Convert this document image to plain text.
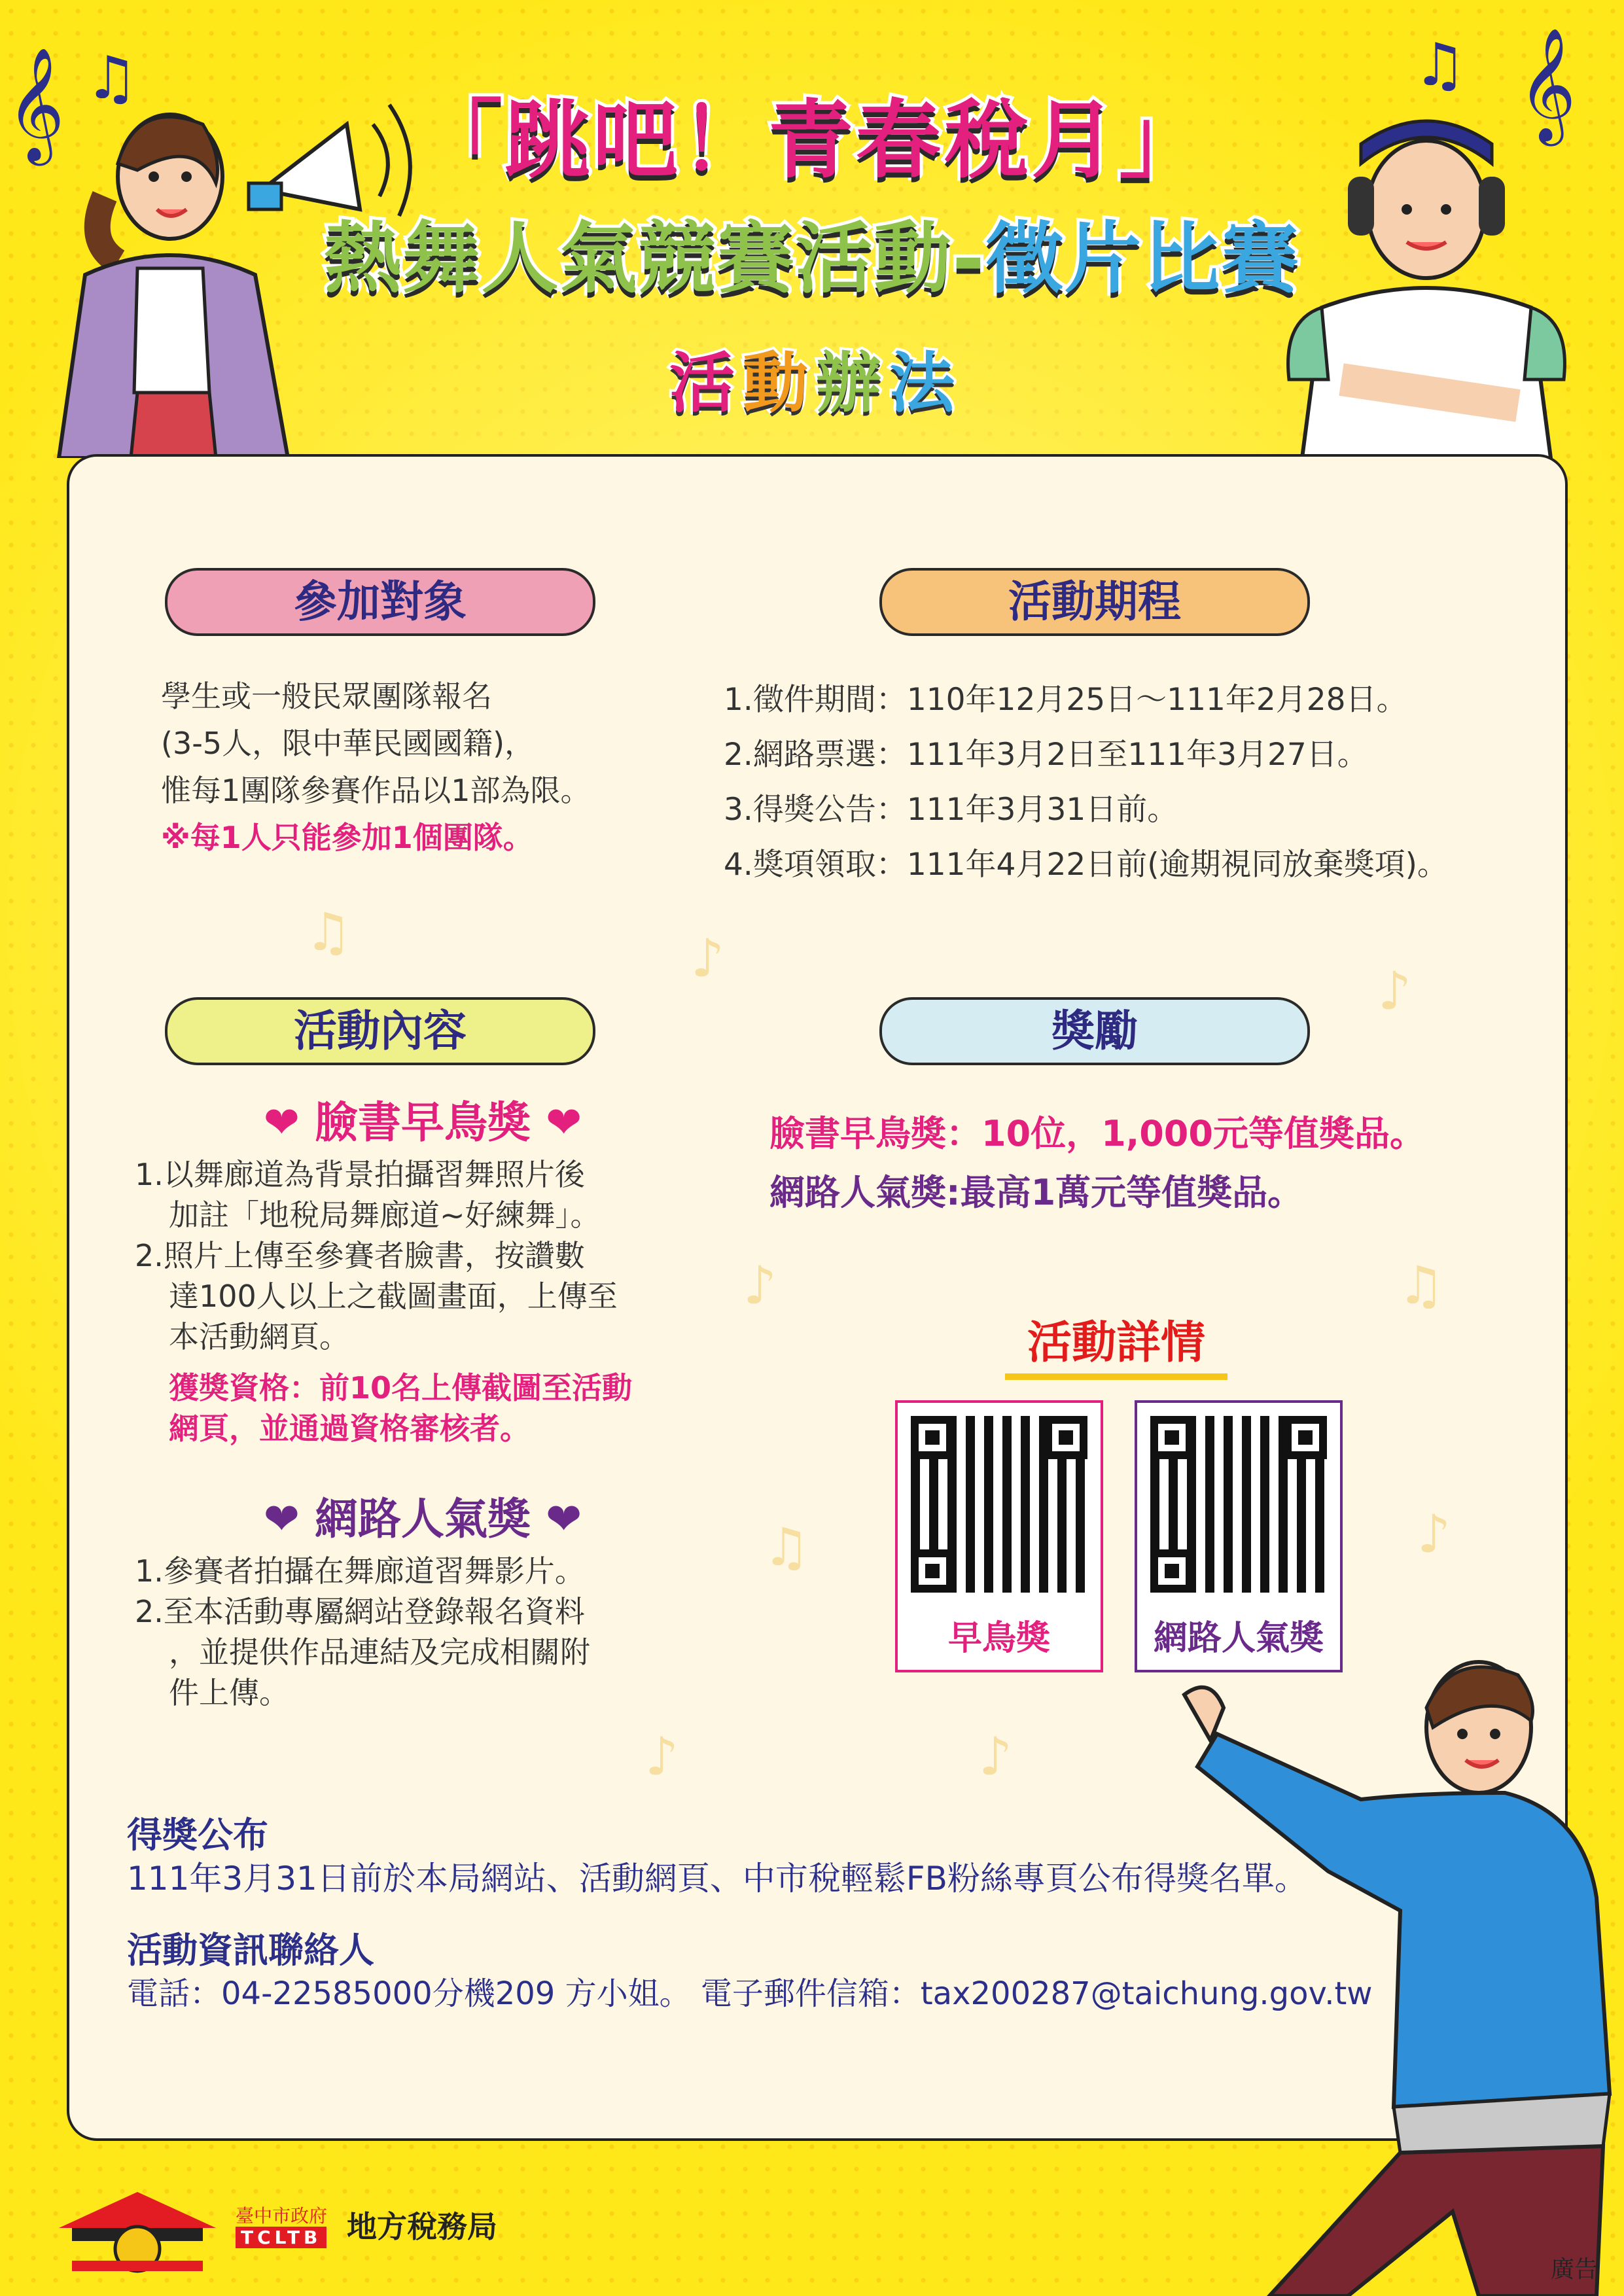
𝄞 ♫	𝄞
♫
「跳吧！青春稅月」
熱舞人氣競賽活動-徵片比賽
活 動 辦 法
♫	♪
♪
♪	♫
♫	♪
♪	♪
參加對象
學生或一般民眾團隊報名
(3-5人，限中華民國國籍)，
惟每1團隊參賽作品以1部為限。
※每1人只能參加1個團隊。
活動期程
1.徵件期間：110年12月25日～111年2月28日。
2.網路票選：111年3月2日至111年3月27日。
3.得獎公告：111年3月31日前。
4.獎項領取：111年4月22日前(逾期視同放棄獎項)。
活動內容
❤ 臉書早鳥獎 ❤
1.以舞廊道為背景拍攝習舞照片後
加註「地稅局舞廊道~好練舞」。
2.照片上傳至參賽者臉書，按讚數
達100人以上之截圖畫面，上傳至
本活動網頁。
獲獎資格：前10名上傳截圖至活動
網頁，並通過資格審核者。
❤ 網路人氣獎 ❤
1.參賽者拍攝在舞廊道習舞影片。
2.至本活動專屬網站登錄報名資料
，並提供作品連結及完成相關附
件上傳。
獎勵
臉書早鳥獎：10位，1,000元等值獎品。
網路人氣獎:最高1萬元等值獎品。
活動詳情
早鳥獎	網路人氣獎
得獎公布
111年3月31日前於本局網站、活動網頁、中市稅輕鬆FB粉絲專頁公布得獎名單。
活動資訊聯絡人
電話：04-22585000分機209 方小姐。 電子郵件信箱：tax200287@taichung.gov.tw
臺中市政府
TCLTB 地方稅務局
廣告
